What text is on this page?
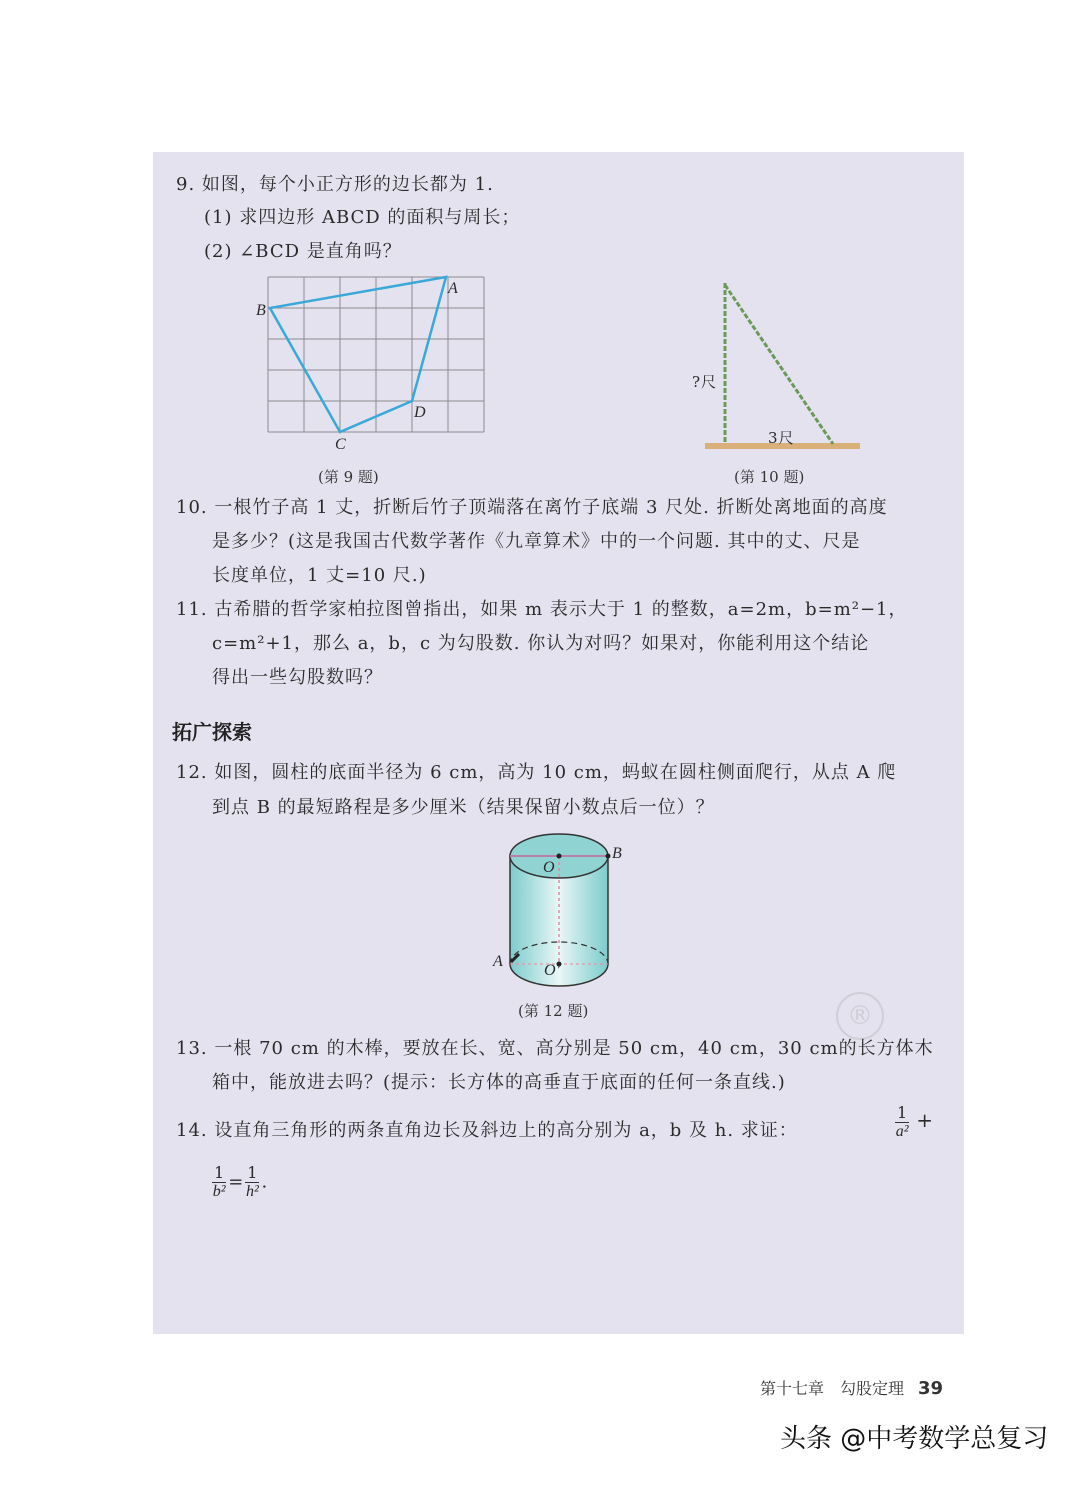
9. 如图，每个小正方形的边长都为 1.
(1) 求四边形 ABCD 的面积与周长；
(2) ∠BCD 是直角吗？
A
B
C
D
(第 9 题)
?尺
3尺
(第 10 题)
10. 一根竹子高 1 丈，折断后竹子顶端落在离竹子底端 3 尺处. 折断处离地面的高度
是多少？(这是我国古代数学著作《九章算术》中的一个问题. 其中的丈、尺是
长度单位，1 丈=10 尺.)
11. 古希腊的哲学家柏拉图曾指出，如果 m 表示大于 1 的整数，a=2m，b=m²−1，
c=m²+1，那么 a，b，c 为勾股数. 你认为对吗？如果对，你能利用这个结论
得出一些勾股数吗？
拓广探索
12. 如图，圆柱的底面半径为 6 cm，高为 10 cm，蚂蚁在圆柱侧面爬行，从点 A 爬
到点 B 的最短路程是多少厘米（结果保留小数点后一位）？
O
B
A
O′
(第 12 题)	®
13. 一根 70 cm 的木棒，要放在长、宽、高分别是 50 cm，40 cm，30 cm的长方体木
箱中，能放进去吗？(提示：长方体的高垂直于底面的任何一条直线.)
14. 设直角三角形的两条直角边长及斜边上的高分别为 a，b 及 h. 求证：	$\frac{1}{\text{a²}}$ +
$\frac{1}{\text{b²}} = \frac{1}{\text{h²}}$ .
第十七章　勾股定理 39
头条 @中考数学总复习
